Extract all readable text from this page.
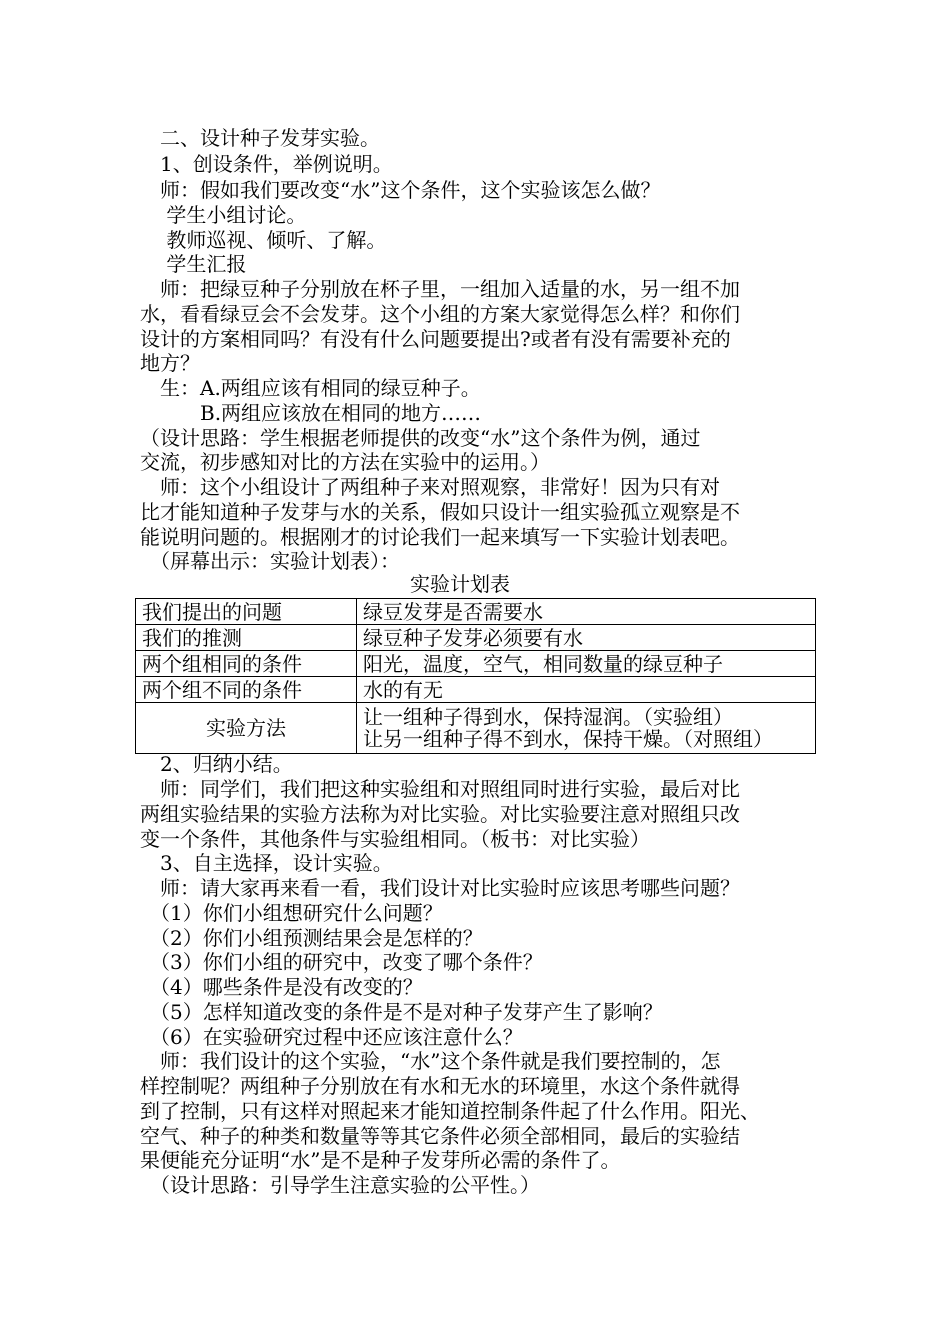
　二、设计种子发芽实验。
　1、创设条件，举例说明。
　师：假如我们要改变“水”这个条件，这个实验该怎么做？
　 学生小组讨论。
　 教师巡视、倾听、了解。
　 学生汇报
　师：把绿豆种子分别放在杯子里，一组加入适量的水，另一组不加
水，看看绿豆会不会发芽。这个小组的方案大家觉得怎么样？和你们
设计的方案相同吗？有没有什么问题要提出?或者有没有需要补充的
地方？
　生：A.两组应该有相同的绿豆种子。
　　　B.两组应该放在相同的地方……
（设计思路：学生根据老师提供的改变“水”这个条件为例，通过
交流，初步感知对比的方法在实验中的运用。）
　师：这个小组设计了两组种子来对照观察，非常好！因为只有对
比才能知道种子发芽与水的关系，假如只设计一组实验孤立观察是不
能说明问题的。根据刚才的讨论我们一起来填写一下实验计划表吧。
　（屏幕出示：实验计划表）：
实验计划表
我们提出的问题	绿豆发芽是否需要水
我们的推测	绿豆种子发芽必须要有水
两个组相同的条件	阳光，温度，空气，相同数量的绿豆种子
两个组不同的条件	水的有无
实验方法	让一组种子得到水，保持湿润。（实验组）
让另一组种子得不到水，保持干燥。（对照组）
　2、归纳小结。
　师：同学们，我们把这种实验组和对照组同时进行实验，最后对比
两组实验结果的实验方法称为对比实验。对比实验要注意对照组只改
变一个条件，其他条件与实验组相同。（板书：对比实验）
　3、自主选择，设计实验。
　师：请大家再来看一看，我们设计对比实验时应该思考哪些问题？
　（1）你们小组想研究什么问题？
　（2）你们小组预测结果会是怎样的？
　（3）你们小组的研究中，改变了哪个条件？
　（4）哪些条件是没有改变的？
　（5）怎样知道改变的条件是不是对种子发芽产生了影响？
　（6）在实验研究过程中还应该注意什么？
　师：我们设计的这个实验，“水”这个条件就是我们要控制的，怎
样控制呢？两组种子分别放在有水和无水的环境里，水这个条件就得
到了控制，只有这样对照起来才能知道控制条件起了什么作用。阳光、
空气、种子的种类和数量等等其它条件必须全部相同，最后的实验结
果便能充分证明“水”是不是种子发芽所必需的条件了。
　（设计思路：引导学生注意实验的公平性。）
